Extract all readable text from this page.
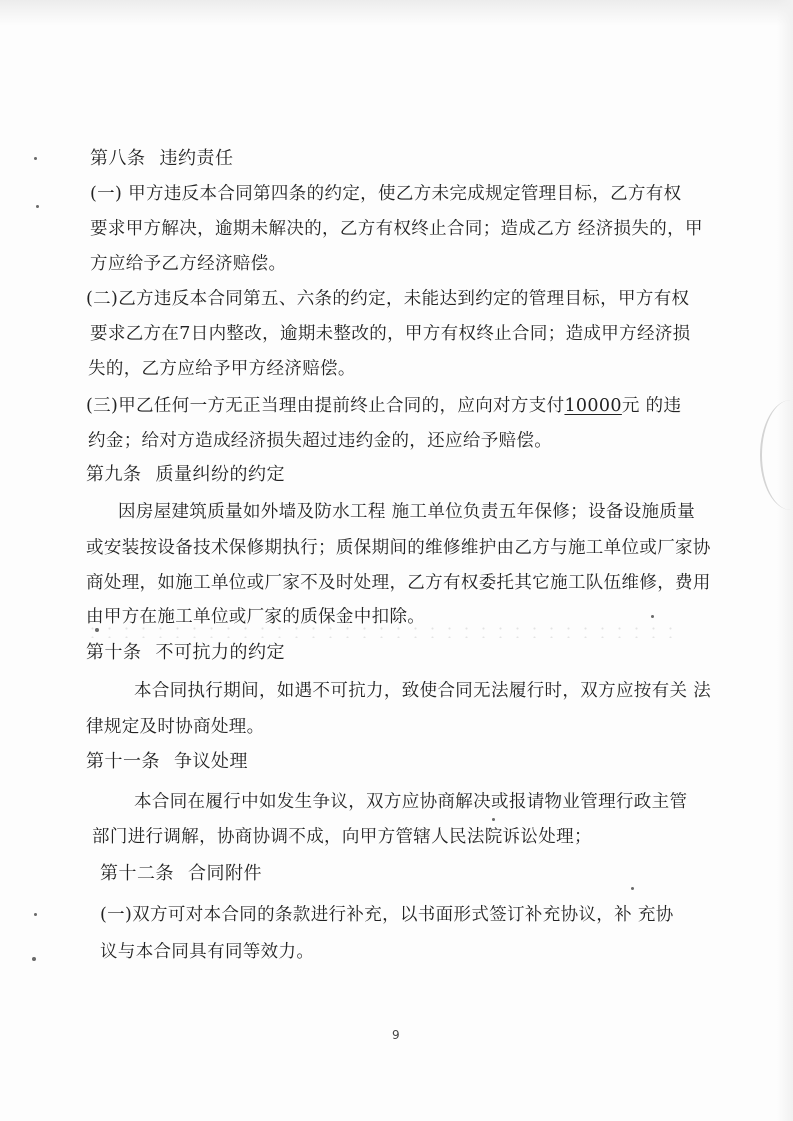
第八条 违约责任
(一) 甲方违反本合同第四条的约定，使乙方未完成规定管理目标，乙方有权
要求甲方解决，逾期未解决的，乙方有权终止合同；造成乙方 经济损失的，甲
方应给予乙方经济赔偿。
(二)乙方违反本合同第五、六条的约定，未能达到约定的管理目标，甲方有权
要求乙方在7日内整改，逾期未整改的，甲方有权终止合同；造成甲方经济损
失的，乙方应给予甲方经济赔偿。
(三)甲乙任何一方无正当理由提前终止合同的，应向对方支付10000元 的违
约金；给对方造成经济损失超过违约金的，还应给予赔偿。
第九条 质量纠纷的约定
因房屋建筑质量如外墙及防水工程 施工单位负责五年保修；设备设施质量
或安装按设备技术保修期执行；质保期间的维修维护由乙方与施工单位或厂家协
商处理，如施工单位或厂家不及时处理，乙方有权委托其它施工队伍维修，费用
由甲方在施工单位或厂家的质保金中扣除。
第十条 不可抗力的约定
本合同执行期间，如遇不可抗力，致使合同无法履行时，双方应按有关 法
律规定及时协商处理。
第十一条 争议处理
本合同在履行中如发生争议，双方应协商解决或报请物业管理行政主管
部门进行调解，协商协调不成，向甲方管辖人民法院诉讼处理；
第十二条 合同附件
(一)双方可对本合同的条款进行补充，以书面形式签订补充协议，补 充协
议与本合同具有同等效力。
9
